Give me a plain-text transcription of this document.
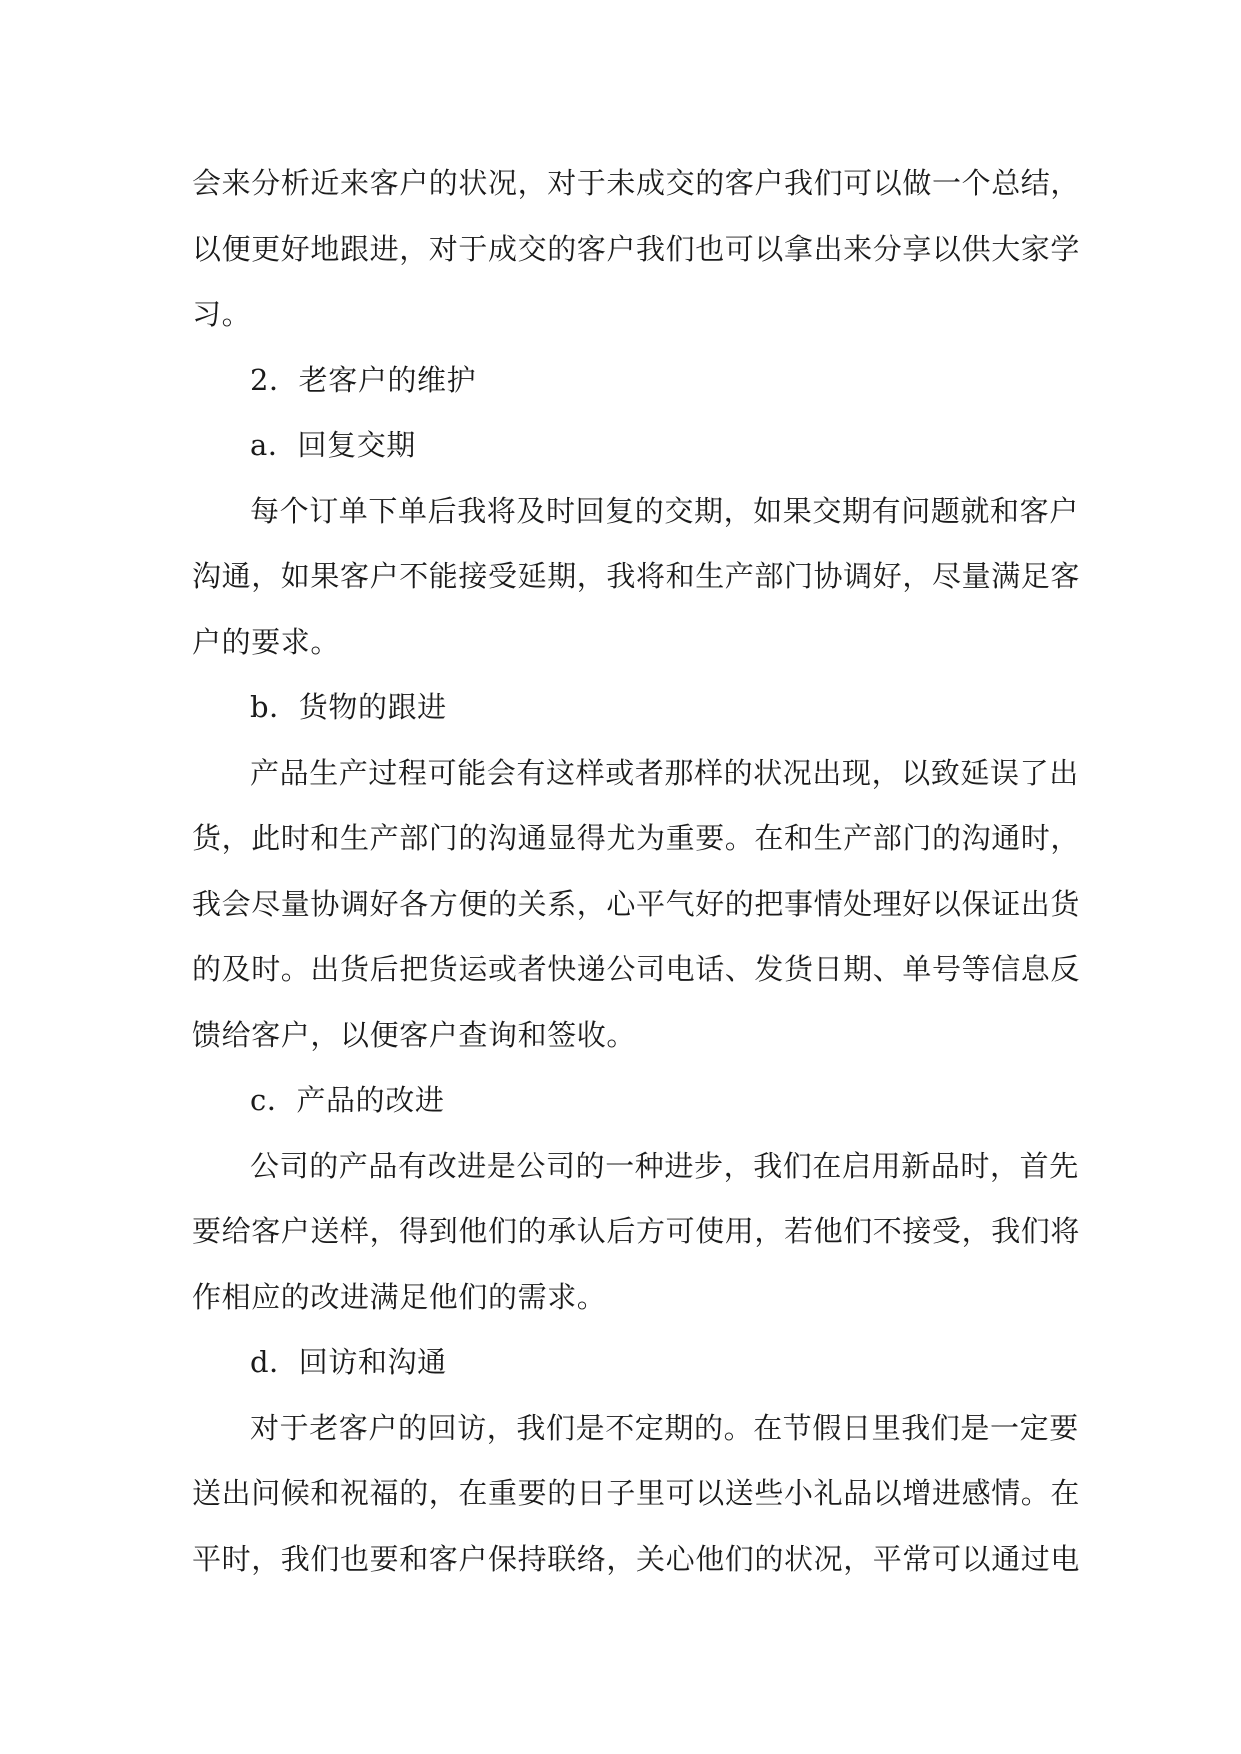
会来分析近来客户的状况，对于未成交的客户我们可以做一个总结，
以便更好地跟进，对于成交的客户我们也可以拿出来分享以供大家学
习。
2．老客户的维护
a．回复交期
每个订单下单后我将及时回复的交期，如果交期有问题就和客户
沟通，如果客户不能接受延期，我将和生产部门协调好，尽量满足客
户的要求。
b．货物的跟进
产品生产过程可能会有这样或者那样的状况出现，以致延误了出
货，此时和生产部门的沟通显得尤为重要。在和生产部门的沟通时，
我会尽量协调好各方便的关系，心平气好的把事情处理好以保证出货
的及时。出货后把货运或者快递公司电话、发货日期、单号等信息反
馈给客户，以便客户查询和签收。
c．产品的改进
公司的产品有改进是公司的一种进步，我们在启用新品时，首先
要给客户送样，得到他们的承认后方可使用，若他们不接受，我们将
作相应的改进满足他们的需求。
d．回访和沟通
对于老客户的回访，我们是不定期的。在节假日里我们是一定要
送出问候和祝福的，在重要的日子里可以送些小礼品以增进感情。在
平时，我们也要和客户保持联络，关心他们的状况，平常可以通过电
